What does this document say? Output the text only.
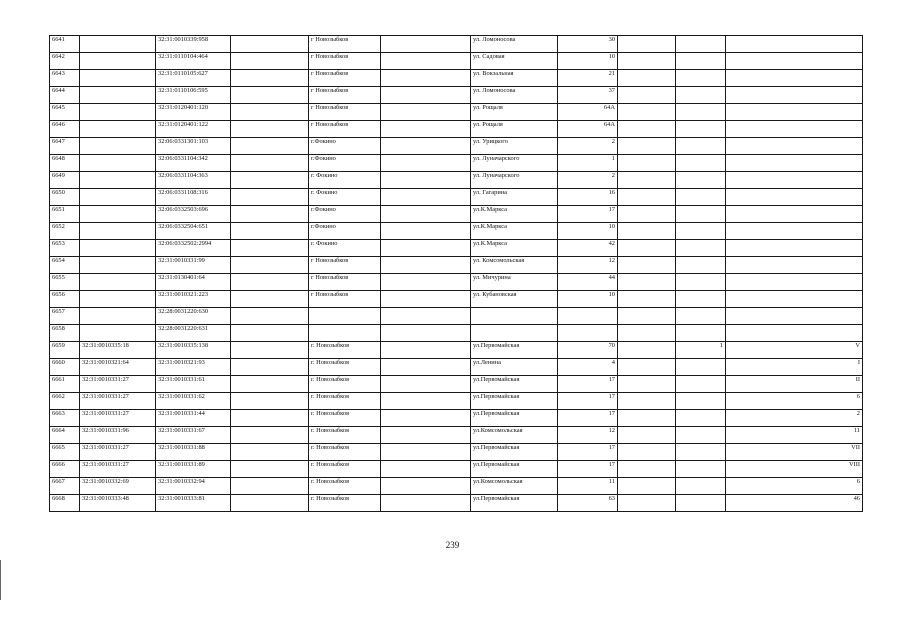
6641		32:31:0010339:958		г Новозыбков		ул. Ломоносова	30			
6642		32:31:0110104:464		г Новозыбков		ул. Садовая	10			
6643		32:31:0110105:627		г Новозыбков		ул. Вокзальная	21			
6644		32:31:0110106:595		г Новозыбков		ул. Ломоносова	37			
6645		32:31:0120401:120		г Новозыбков		ул. Рощаля	64А			
6646		32:31:0120401:122		г Новозыбков		ул. Рощаля	64А			
6647		32:06:0331301:103		г.Фокино		ул. Урицкого	2			
6648		32:06:0331104:342		г.Фокино		ул. Луначарского	1			
6649		32:06:0331104:363		г. Фокино		ул. Луначарского	2			
6650		32:06:0331108:316		г. Фокино		ул. Гагарина	16			
6651		32:06:0332503:696		г.Фокино		ул.К.Маркса	17			
6652		32:06:0332504:651		г.Фокино		ул.К.Маркса	10			
6653		32:06:0332502:2994		г. Фокино		ул.К.Маркса	42			
6654		32:31:0010331:99		г Новозыбков		ул. Комсомольская	12			
6655		32:31:0130401:64		г Новозыбков		ул. Мичурина	44			
6656		32:31:0010321:223		г Новозыбков		ул. Кубановская	10			
6657		32:28:0031220:630								
6658		32:28:0031220:631								
6659	32:31:0010335:18	32:31:0010335:138		г. Новозыбков		ул.Первомайская	70		1	V
6660	32:31:0010321:64	32:31:0010321:93		г. Новозыбков		ул.Ленина	4			I
6661	32:31:0010331:27	32:31:0010331:61		г. Новозыбков		ул.Первомайская	17			II
6662	32:31:0010331:27	32:31:0010331:62		г. Новозыбков		ул.Первомайская	17			6
6663	32:31:0010331:27	32:31:0010331:44		г. Новозыбков		ул.Первомайская	17			2
6664	32:31:0010331:96	32:31:0010331:67		г. Новозыбков		ул.Комсомольская	12			11
6665	32:31:0010331:27	32:31:0010331:88		г. Новозыбков		ул.Первомайская	17			VII
6666	32:31:0010331:27	32:31:0010331:89		г. Новозыбков		ул.Первомайская	17			VIII
6667	32:31:0010332:69	32:31:0010332:94		г. Новозыбков		ул.Комсомольская	11			6
6668	32:31:0010333:48	32:31:0010333:81		г. Новозыбков		ул.Первомайская	63			46
239
